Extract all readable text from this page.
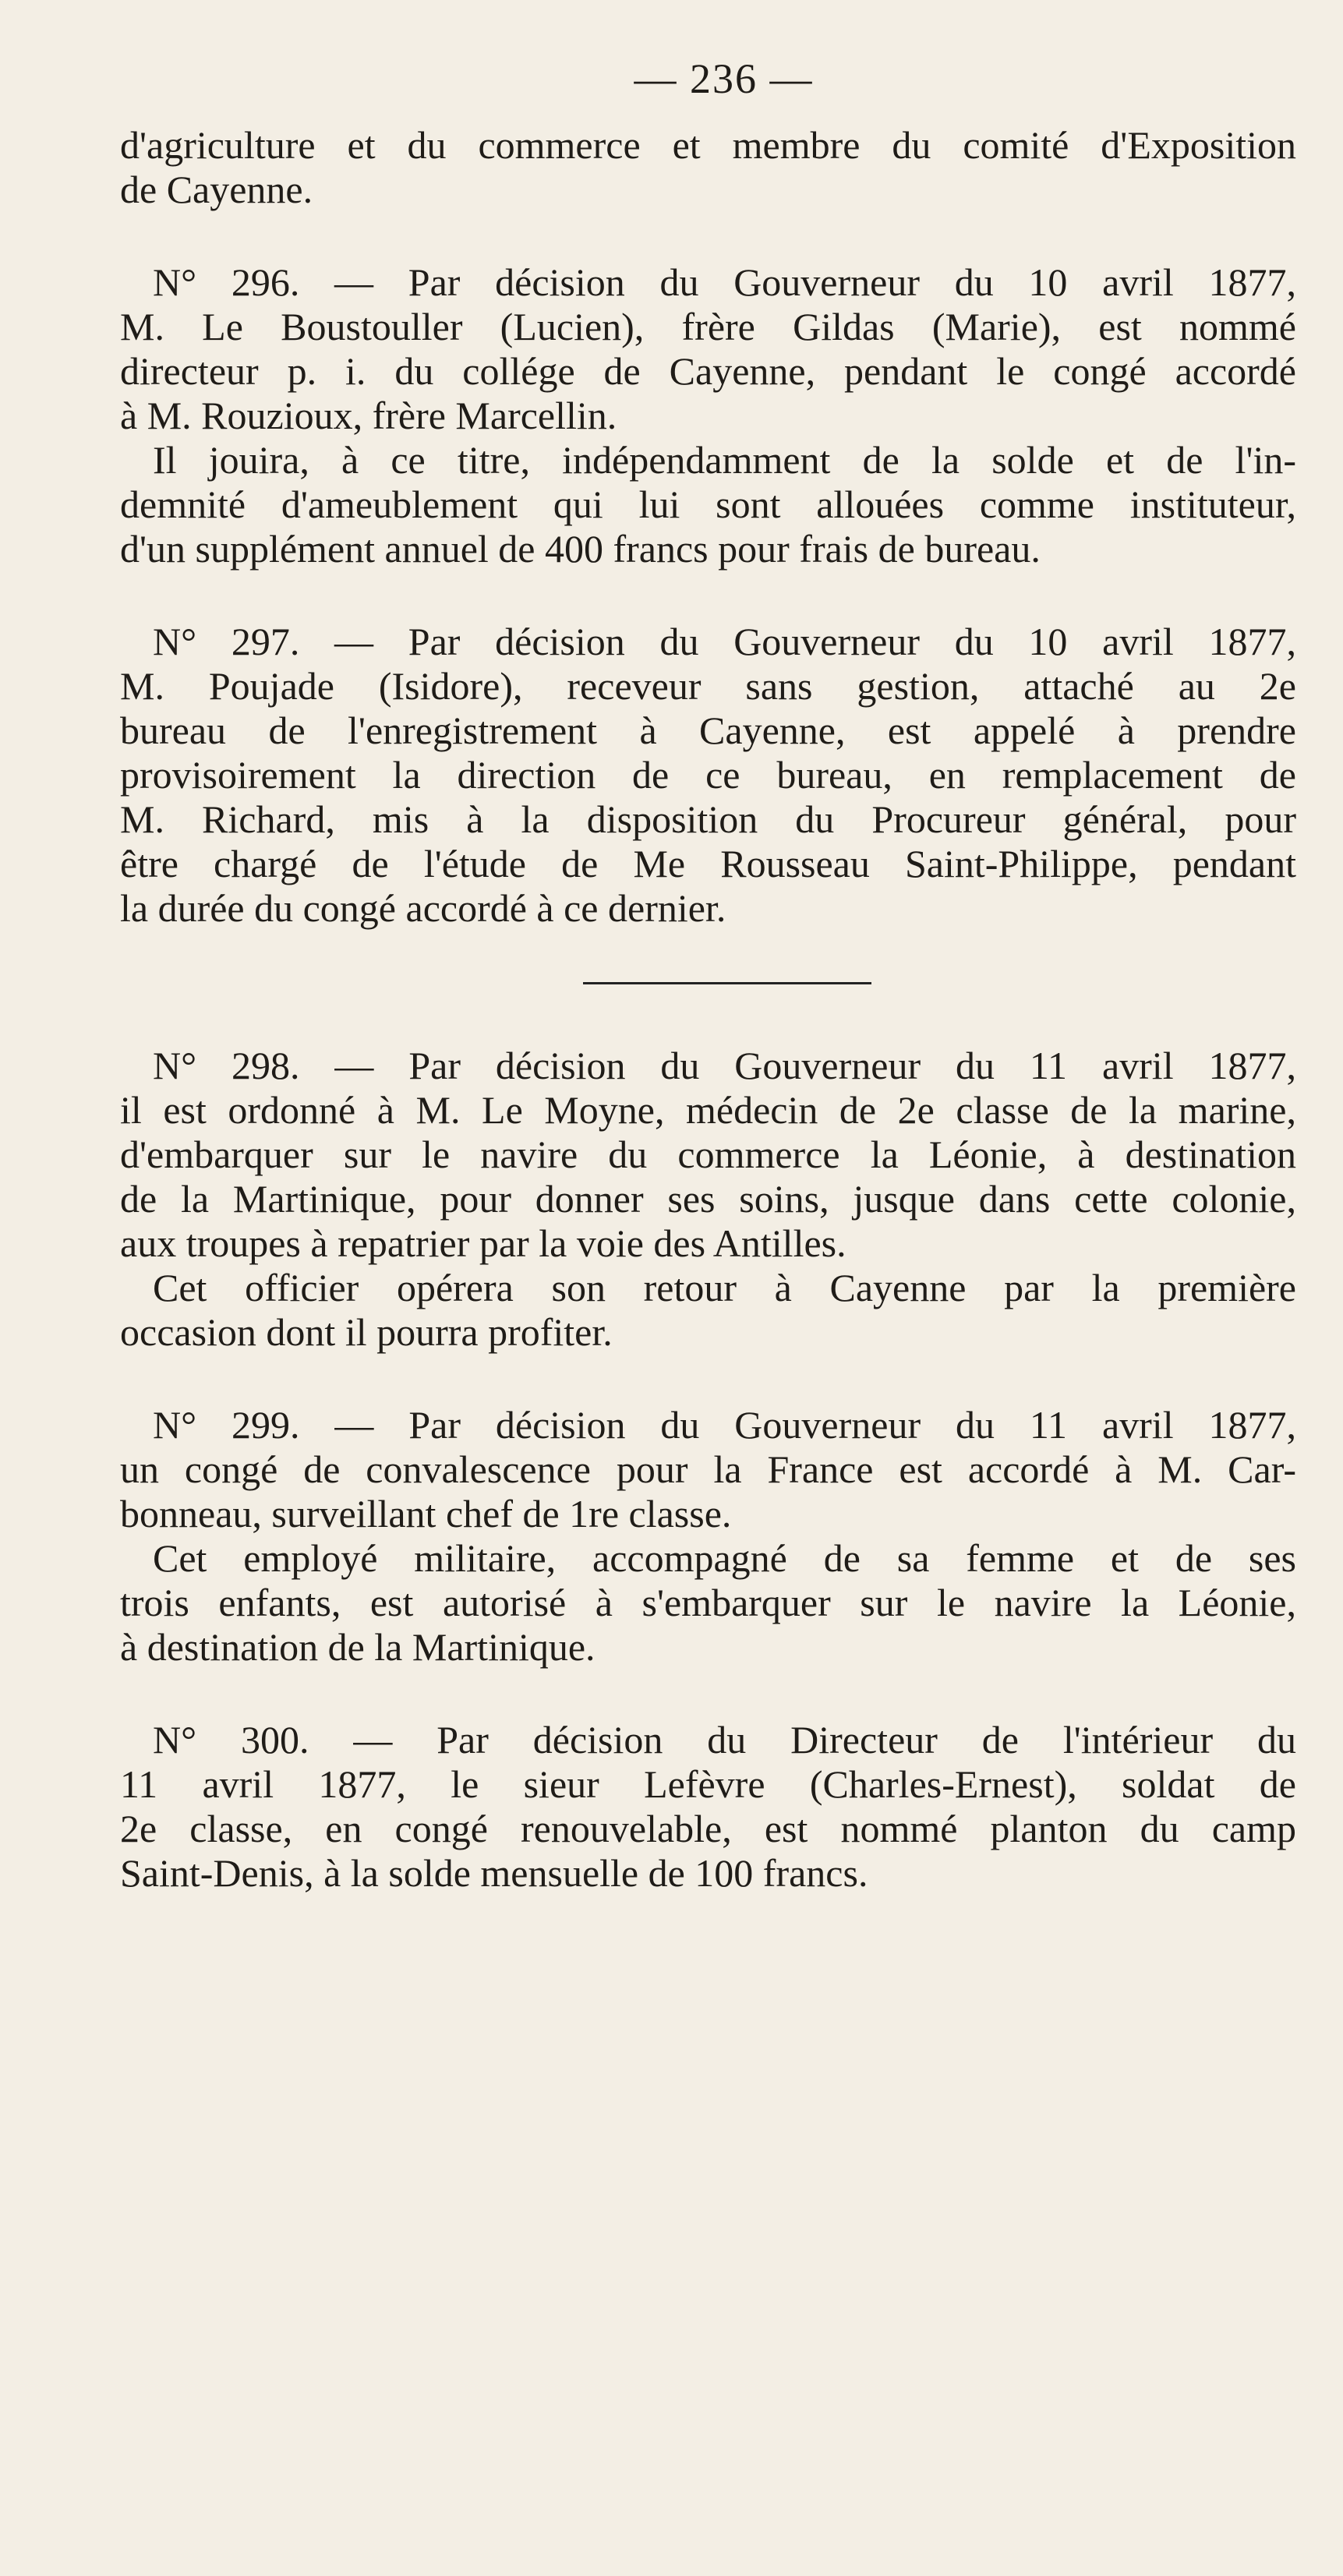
— 236 —
d'agriculture et du commerce et membre du comité d'Exposition
de Cayenne.
N° 296. — Par décision du Gouverneur du 10 avril 1877,
M. Le Boustouller (Lucien), frère Gildas (Marie), est nommé
directeur p. i. du collége de Cayenne, pendant le congé accordé
à M. Rouzioux, frère Marcellin.
Il jouira, à ce titre, indépendamment de la solde et de l'in-
demnité d'ameublement qui lui sont allouées comme instituteur,
d'un supplément annuel de 400 francs pour frais de bureau.
N° 297. — Par décision du Gouverneur du 10 avril 1877,
M. Poujade (Isidore), receveur sans gestion, attaché au 2e
bureau de l'enregistrement à Cayenne, est appelé à prendre
provisoirement la direction de ce bureau, en remplacement de
M. Richard, mis à la disposition du Procureur général, pour
être chargé de l'étude de Me Rousseau Saint-Philippe, pendant
la durée du congé accordé à ce dernier.
N° 298. — Par décision du Gouverneur du 11 avril 1877,
il est ordonné à M. Le Moyne, médecin de 2e classe de la marine,
d'embarquer sur le navire du commerce la Léonie, à destination
de la Martinique, pour donner ses soins, jusque dans cette colonie,
aux troupes à repatrier par la voie des Antilles.
Cet officier opérera son retour à Cayenne par la première
occasion dont il pourra profiter.
N° 299. — Par décision du Gouverneur du 11 avril 1877,
un congé de convalescence pour la France est accordé à M. Car-
bonneau, surveillant chef de 1re classe.
Cet employé militaire, accompagné de sa femme et de ses
trois enfants, est autorisé à s'embarquer sur le navire la Léonie,
à destination de la Martinique.
N° 300. — Par décision du Directeur de l'intérieur du
11 avril 1877, le sieur Lefèvre (Charles-Ernest), soldat de
2e classe, en congé renouvelable, est nommé planton du camp
Saint-Denis, à la solde mensuelle de 100 francs.
